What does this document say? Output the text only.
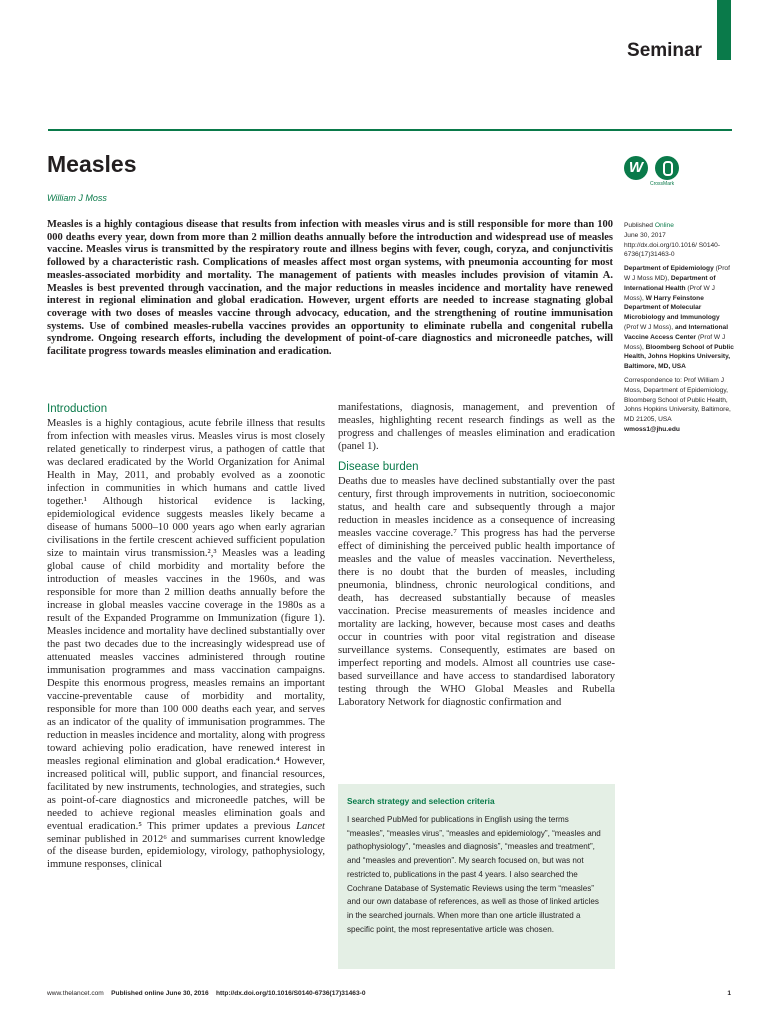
Seminar
Measles
William J Moss
W
CrossMark

Measles is a highly contagious disease that results from infection with measles virus and is still responsible for more than 100 000 deaths every year, down from more than 2 million deaths annually before the introduction and widespread use of measles vaccine. Measles virus is transmitted by the respiratory route and illness begins with fever, cough, coryza, and conjunctivitis followed by a characteristic rash. Complications of measles affect most organ systems, with pneumonia accounting for most measles-associated morbidity and mortality. The management of patients with measles includes provision of vitamin A. Measles is best prevented through vaccination, and the major reductions in measles incidence and mortality have renewed interest in regional elimination and global eradication. However, urgent efforts are needed to increase stagnating global coverage with two doses of measles vaccine through advocacy, education, and the strengthening of routine immunisation systems. Use of combined measles-rubella vaccines provides an opportunity to eliminate rubella and congenital rubella syndrome. Ongoing research efforts, including the development of point-of-care diagnostics and microneedle patches, will facilitate progress towards measles elimination and eradication.

Published Online
June 30, 2017
http://dx.doi.org/10.1016/ S0140-6736(17)31463-0

Department of Epidemiology (Prof W J Moss MD), Department of International Health (Prof W J Moss), W Harry Feinstone Department of Molecular Microbiology and Immunology (Prof W J Moss), and International Vaccine Access Center (Prof W J Moss), Bloomberg School of Public Health, Johns Hopkins University, Baltimore, MD, USA

Correspondence to: Prof William J Moss, Department of Epidemiology, Bloomberg School of Public Health, Johns Hopkins University, Baltimore, MD 21205, USA
wmoss1@jhu.edu

Introduction

Measles is a highly contagious, acute febrile illness that results from infection with measles virus. Measles virus is most closely related genetically to rinderpest virus, a pathogen of cattle that was declared eradicated by the World Organization for Animal Health in May, 2011, and probably evolved as a zoonotic infection in communities in which humans and cattle lived together.¹ Although historical evidence is lacking, epidemiological evidence suggests measles likely became a disease of humans 5000–10 000 years ago when early agrarian civilisations in the fertile crescent achieved sufficient population size to maintain virus transmission.²,³ Measles was a leading global cause of child morbidity and mortality before the introduction of measles vaccines in the 1960s, and was responsible for more than 2 million deaths annually before the increase in global measles vaccine coverage in the 1980s as a result of the Expanded Programme on Immunization (figure 1). Measles incidence and mortality have declined substantially over the past two decades due to the increasingly widespread use of attenuated measles vaccines administered through routine immunisation programmes and mass vaccination campaigns. Despite this enormous progress, measles remains an important vaccine-preventable cause of morbidity and mortality, responsible for more than 100 000 deaths each year, and serves as an indicator of the quality of immunisation programmes. The reduction in measles incidence and mortality, along with progress toward achieving polio eradication, have renewed interest in measles regional elimination and global eradication.⁴ However, increased political will, public support, and financial resources, facilitated by new instruments, technologies, and strategies, such as point-of-care diagnostics and microneedle patches, will be needed to achieve regional measles elimination goals and eventual eradication.⁵ This primer updates a previous Lancet seminar published in 2012⁶ and summarises current knowledge of the disease burden, epidemiology, virology, pathophysiology, immune responses, clinical

manifestations, diagnosis, management, and prevention of measles, highlighting recent research findings as well as the progress and challenges of measles elimination and eradication (panel 1).

Disease burden

Deaths due to measles have declined substantially over the past century, first through improvements in nutrition, socioeconomic status, and health care and subsequently through a major reduction in measles incidence as a consequence of increasing measles vaccine coverage.⁷ This progress has had the perverse effect of diminishing the perceived public health importance of measles and the value of measles vaccination. Nevertheless, there is no doubt that the burden of measles, including pneumonia, blindness, chronic neurological conditions, and death, has decreased substantially because of measles vaccination. Precise measurements of measles incidence and mortality are lacking, however, because most cases and deaths occur in countries with poor vital registration and disease surveillance systems. Consequently, estimates are based on imperfect reporting and models. Almost all countries use case-based surveillance and have access to standardised laboratory testing through the WHO Global Measles and Rubella Laboratory Network for diagnostic confirmation and

Search strategy and selection criteria

I searched PubMed for publications in English using the terms “measles”, “measles virus”, “measles and epidemiology”, “measles and pathophysiology”, “measles and diagnosis”, “measles and treatment”, and “measles and prevention”. My search focused on, but was not restricted to, publications in the past 4 years. I also searched the Cochrane Database of Systematic Reviews using the term “measles” and our own database of references, as well as those of linked articles in the searched journals. When more than one article illustrated a specific point, the most representative article was chosen.

www.thelancet.com Published online June 30, 2016 http://dx.doi.org/10.1016/S0140-6736(17)31463-0	1
